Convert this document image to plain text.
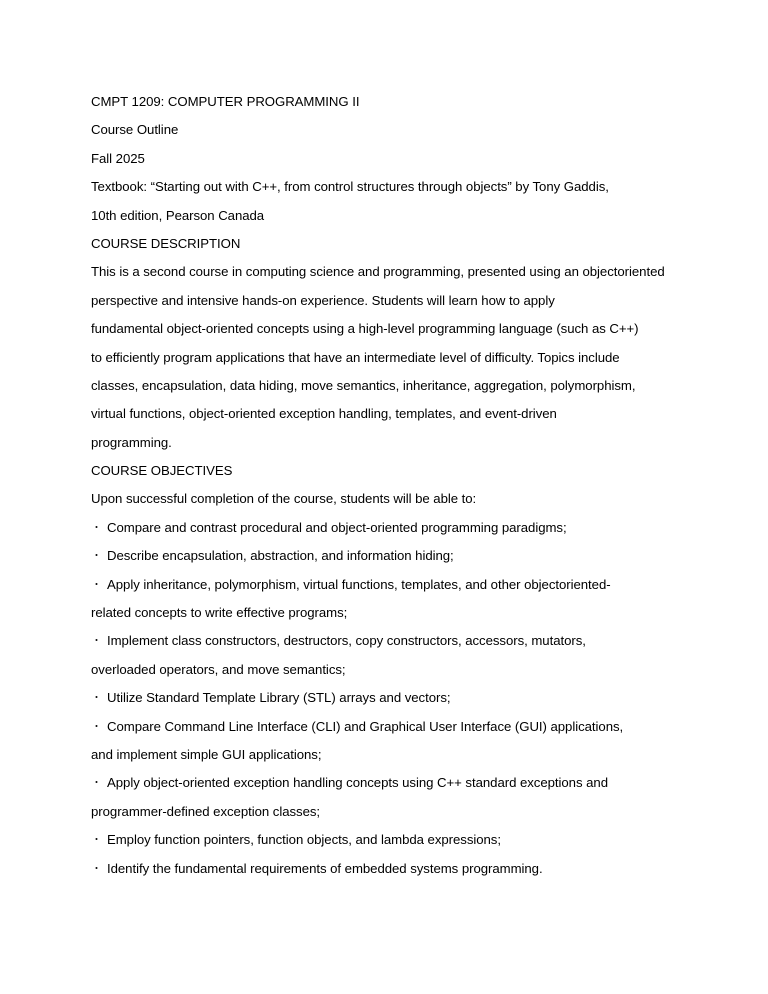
CMPT 1209: COMPUTER PROGRAMMING II
Course Outline
Fall 2025
Textbook: “Starting out with C++, from control structures through objects” by Tony Gaddis,
10th edition, Pearson Canada
COURSE DESCRIPTION
This is a second course in computing science and programming, presented using an objectoriented
perspective and intensive hands-on experience. Students will learn how to apply
fundamental object-oriented concepts using a high-level programming language (such as C++)
to efficiently program applications that have an intermediate level of difficulty. Topics include
classes, encapsulation, data hiding, move semantics, inheritance, aggregation, polymorphism,
virtual functions, object-oriented exception handling, templates, and event-driven
programming.
COURSE OBJECTIVES
Upon successful completion of the course, students will be able to:
・ Compare and contrast procedural and object-oriented programming paradigms;
・ Describe encapsulation, abstraction, and information hiding;
・ Apply inheritance, polymorphism, virtual functions, templates, and other objectoriented-
related concepts to write effective programs;
・ Implement class constructors, destructors, copy constructors, accessors, mutators,
overloaded operators, and move semantics;
・ Utilize Standard Template Library (STL) arrays and vectors;
・ Compare Command Line Interface (CLI) and Graphical User Interface (GUI) applications,
and implement simple GUI applications;
・ Apply object-oriented exception handling concepts using C++ standard exceptions and
programmer-defined exception classes;
・ Employ function pointers, function objects, and lambda expressions;
・ Identify the fundamental requirements of embedded systems programming.
